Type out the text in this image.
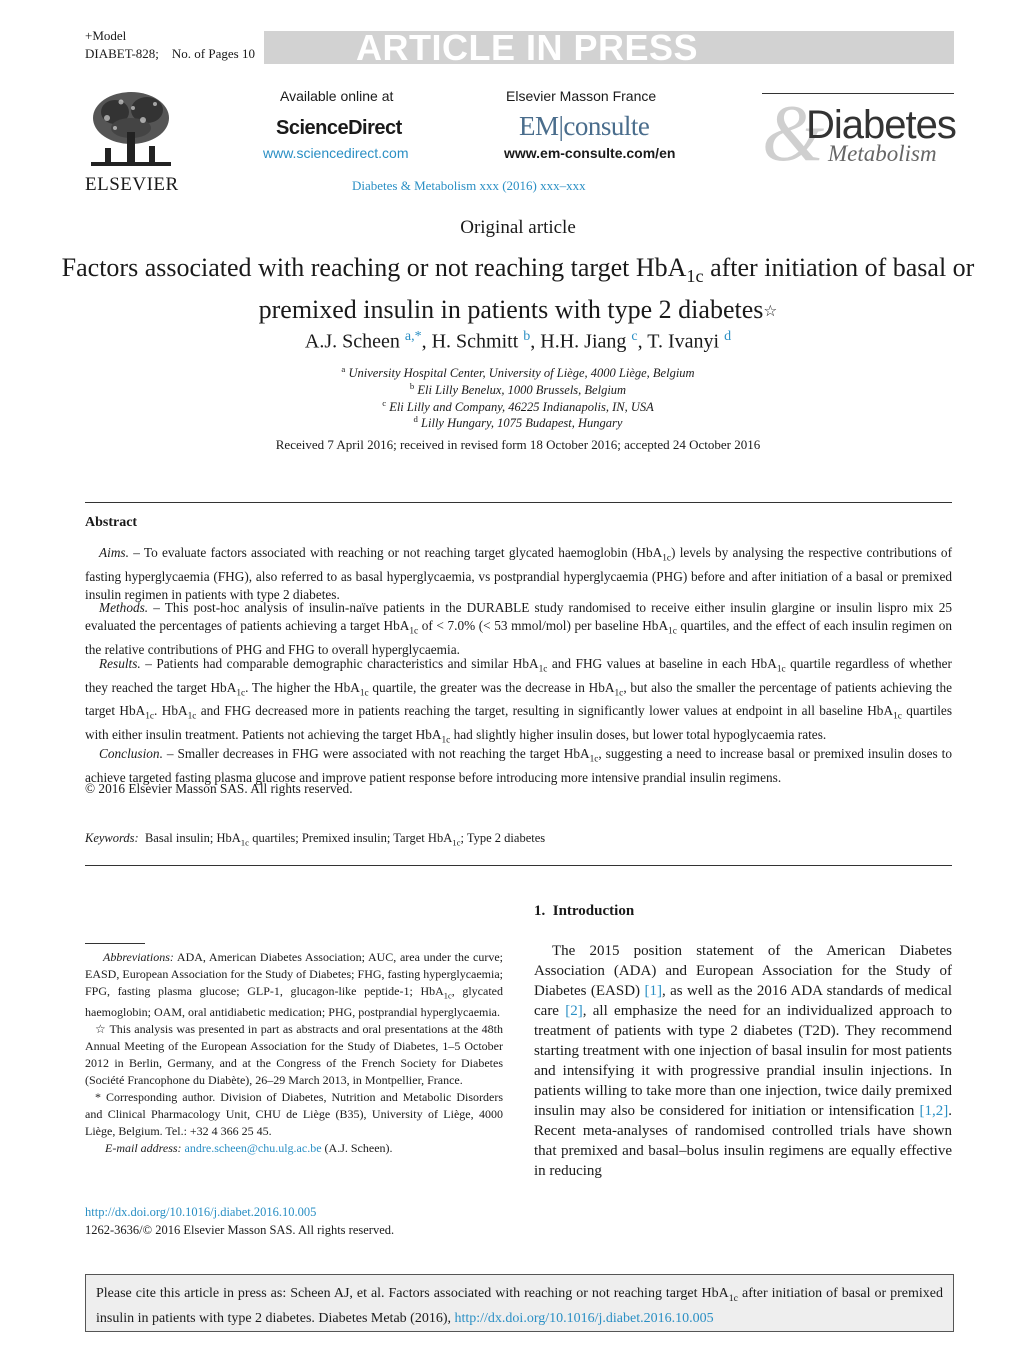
+Model
DIABET-828;    No. of Pages 10	ARTICLE IN PRESS
ELSEVIER
Available online at
ScienceDirect
www.sciencedirect.com
Elsevier Masson France
EM|consulte
www.em-consulte.com/en
Diabetes & Metabolism xxx (2016) xxx–xxx
&
Diabetes
Metabolism
Original article
Factors associated with reaching or not reaching target HbA$_{1c}$ after initiation of basal or premixed insulin in patients with type 2 diabetes☆
A.J. Scheen $^{a,*}$, H. Schmitt $^b$, H.H. Jiang $^c$, T. Ivanyi $^d$
$^a$ University Hospital Center, University of Liège, 4000 Liège, Belgium
$^b$ Eli Lilly Benelux, 1000 Brussels, Belgium
$^c$ Eli Lilly and Company, 46225 Indianapolis, IN, USA
$^d$ Lilly Hungary, 1075 Budapest, Hungary
Received 7 April 2016; received in revised form 18 October 2016; accepted 24 October 2016
Abstract
Aims. – To evaluate factors associated with reaching or not reaching target glycated haemoglobin (HbA$_{1c}$) levels by analysing the respective contributions of fasting hyperglycaemia (FHG), also referred to as basal hyperglycaemia, vs postprandial hyperglycaemia (PHG) before and after initiation of a basal or premixed insulin regimen in patients with type 2 diabetes.
Methods. – This post-hoc analysis of insulin-naïve patients in the DURABLE study randomised to receive either insulin glargine or insulin lispro mix 25 evaluated the percentages of patients achieving a target HbA$_{1c}$ of < 7.0% (< 53 mmol/mol) per baseline HbA$_{1c}$ quartiles, and the effect of each insulin regimen on the relative contributions of PHG and FHG to overall hyperglycaemia.
Results. – Patients had comparable demographic characteristics and similar HbA$_{1c}$ and FHG values at baseline in each HbA$_{1c}$ quartile regardless of whether they reached the target HbA$_{1c}$. The higher the HbA$_{1c}$ quartile, the greater was the decrease in HbA$_{1c}$, but also the smaller the percentage of patients achieving the target HbA$_{1c}$. HbA$_{1c}$ and FHG decreased more in patients reaching the target, resulting in significantly lower values at endpoint in all baseline HbA$_{1c}$ quartiles with either insulin treatment. Patients not achieving the target HbA$_{1c}$ had slightly higher insulin doses, but lower total hypoglycaemia rates.
Conclusion. – Smaller decreases in FHG were associated with not reaching the target HbA$_{1c}$, suggesting a need to increase basal or premixed insulin doses to achieve targeted fasting plasma glucose and improve patient response before introducing more intensive prandial insulin regimens.
© 2016 Elsevier Masson SAS. All rights reserved.
Keywords: Basal insulin; HbA$_{1c}$ quartiles; Premixed insulin; Target HbA$_{1c}$; Type 2 diabetes

Abbreviations: ADA, American Diabetes Association; AUC, area under the curve; EASD, European Association for the Study of Diabetes; FHG, fasting hyperglycaemia; FPG, fasting plasma glucose; GLP-1, glucagon-like peptide-1; HbA$_{1c}$, glycated haemoglobin; OAM, oral antidiabetic medication; PHG, postprandial hyperglycaemia.

☆ This analysis was presented in part as abstracts and oral presentations at the 48th Annual Meeting of the European Association for the Study of Diabetes, 1–5 October 2012 in Berlin, Germany, and at the Congress of the French Society for Diabetes (Société Francophone du Diabète), 26–29 March 2013, in Montpellier, France.

* Corresponding author. Division of Diabetes, Nutrition and Metabolic Disorders and Clinical Pharmacology Unit, CHU de Liège (B35), University of Liège, 4000 Liège, Belgium. Tel.: +32 4 366 25 45.

E-mail address: andre.scheen@chu.ulg.ac.be (A.J. Scheen).

http://dx.doi.org/10.1016/j.diabet.2016.10.005
1262-3636/© 2016 Elsevier Masson SAS. All rights reserved.
1.  Introduction
The 2015 position statement of the American Diabetes Association (ADA) and European Association for the Study of Diabetes (EASD) [1], as well as the 2016 ADA standards of medical care [2], all emphasize the need for an individualized approach to treatment of patients with type 2 diabetes (T2D). They recommend starting treatment with one injection of basal insulin for most patients and intensifying it with progressive prandial insulin injections. In patients willing to take more than one injection, twice daily premixed insulin may also be considered for initiation or intensification [1,2]. Recent meta-analyses of randomised controlled trials have shown that premixed and basal–bolus insulin regimens are equally effective in reducing
Please cite this article in press as: Scheen AJ, et al. Factors associated with reaching or not reaching target HbA$_{1c}$ after initiation of basal or premixed insulin in patients with type 2 diabetes. Diabetes Metab (2016), http://dx.doi.org/10.1016/j.diabet.2016.10.005
